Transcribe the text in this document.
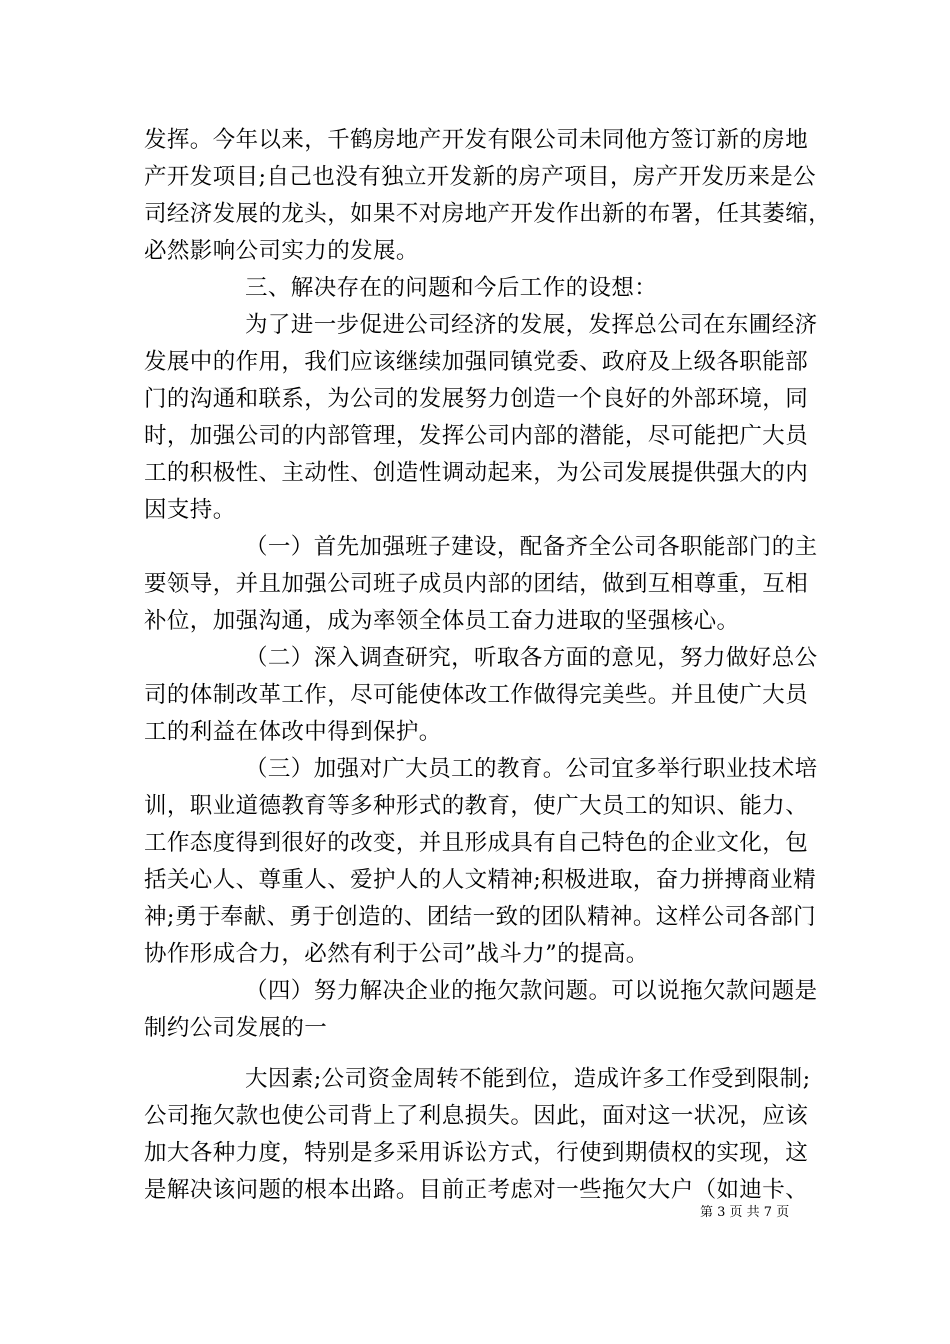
发挥。今年以来，千鹤房地产开发有限公司未同他方签订新的房地
产开发项目;自己也没有独立开发新的房产项目，房产开发历来是公
司经济发展的龙头，如果不对房地产开发作出新的布署，任其萎缩，
必然影响公司实力的发展。
三、解决存在的问题和今后工作的设想：
为了进一步促进公司经济的发展，发挥总公司在东圃经济
发展中的作用，我们应该继续加强同镇党委、政府及上级各职能部
门的沟通和联系，为公司的发展努力创造一个良好的外部环境，同
时，加强公司的内部管理，发挥公司内部的潜能，尽可能把广大员
工的积极性、主动性、创造性调动起来，为公司发展提供强大的内
因支持。
（一）首先加强班子建设，配备齐全公司各职能部门的主
要领导，并且加强公司班子成员内部的团结，做到互相尊重，互相
补位，加强沟通，成为率领全体员工奋力进取的坚强核心。
（二）深入调查研究，听取各方面的意见，努力做好总公
司的体制改革工作，尽可能使体改工作做得完美些。并且使广大员
工的利益在体改中得到保护。
（三）加强对广大员工的教育。公司宜多举行职业技术培
训，职业道德教育等多种形式的教育，使广大员工的知识、能力、
工作态度得到很好的改变，并且形成具有自己特色的企业文化，包
括关心人、尊重人、爱护人的人文精神;积极进取，奋力拼搏商业精
神;勇于奉献、勇于创造的、团结一致的团队精神。这样公司各部门
协作形成合力，必然有利于公司”战斗力”的提高。
（四）努力解决企业的拖欠款问题。可以说拖欠款问题是
制约公司发展的一
大因素;公司资金周转不能到位，造成许多工作受到限制;
公司拖欠款也使公司背上了利息损失。因此，面对这一状况，应该
加大各种力度，特别是多采用诉讼方式，行使到期债权的实现，这
是解决该问题的根本出路。目前正考虑对一些拖欠大户（如迪卡、
第 3 页 共 7 页
